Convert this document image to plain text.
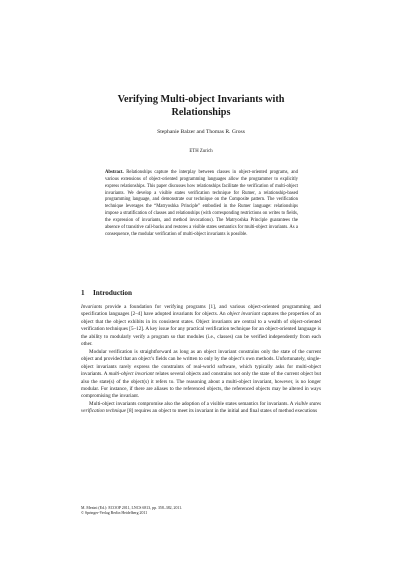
Verifying Multi-object Invariants with
Relationships
Stephanie Balzer and Thomas R. Gross
ETH Zurich
Abstract. Relationships capture the interplay between classes in object-oriented programs, and various extensions of object-oriented programming languages allow the programmer to explicitly express relationships. This paper discusses how relationships facilitate the verification of multi-object invariants. We develop a visible states verification technique for Rumer, a relationship-based programming language, and demonstrate our technique on the Composite pattern. The verification technique leverages the “Matryoshka Principle” embodied in the Rumer language: relationships impose a stratification of classes and relationships (with corresponding restrictions on writes to fields, the expression of invariants, and method invocations). The Matryoshka Principle guarantees the absence of transitive call-backs and restores a visible states semantics for multi-object invariants. As a consequence, the modular verification of multi-object invariants is possible.
1 Introduction

Invariants provide a foundation for verifying programs [1], and various object-oriented programming and specification languages [2–4] have adopted invariants for objects. An object invariant captures the properties of an object that the object exhibits in its consistent states. Object invariants are central to a wealth of object-oriented verification techniques [5–12]. A key issue for any practical verification technique for an object-oriented language is the ability to modularly verify a program so that modules (i.e., classes) can be verified independently from each other.

Modular verification is straightforward as long as an object invariant constrains only the state of the current object and provided that an object’s fields can be written to only by the object’s own methods. Unfortunately, single-object invariants rarely express the constraints of real-world software, which typically asks for multi-object invariants. A multi-object invariant relates several objects and constrains not only the state of the current object but also the state(s) of the object(s) it refers to. The reasoning about a multi-object invariant, however, is no longer modular. For instance, if there are aliases to the referenced objects, the referenced objects may be altered in ways compromising the invariant.

Multi-object invariants compromise also the adoption of a visible states semantics for invariants. A visible states verification technique [8] requires an object to meet its invariant in the initial and final states of method executions

M. Mezini (Ed.): ECOOP 2011, LNCS 6813, pp. 358–382, 2011.
© Springer-Verlag Berlin Heidelberg 2011
